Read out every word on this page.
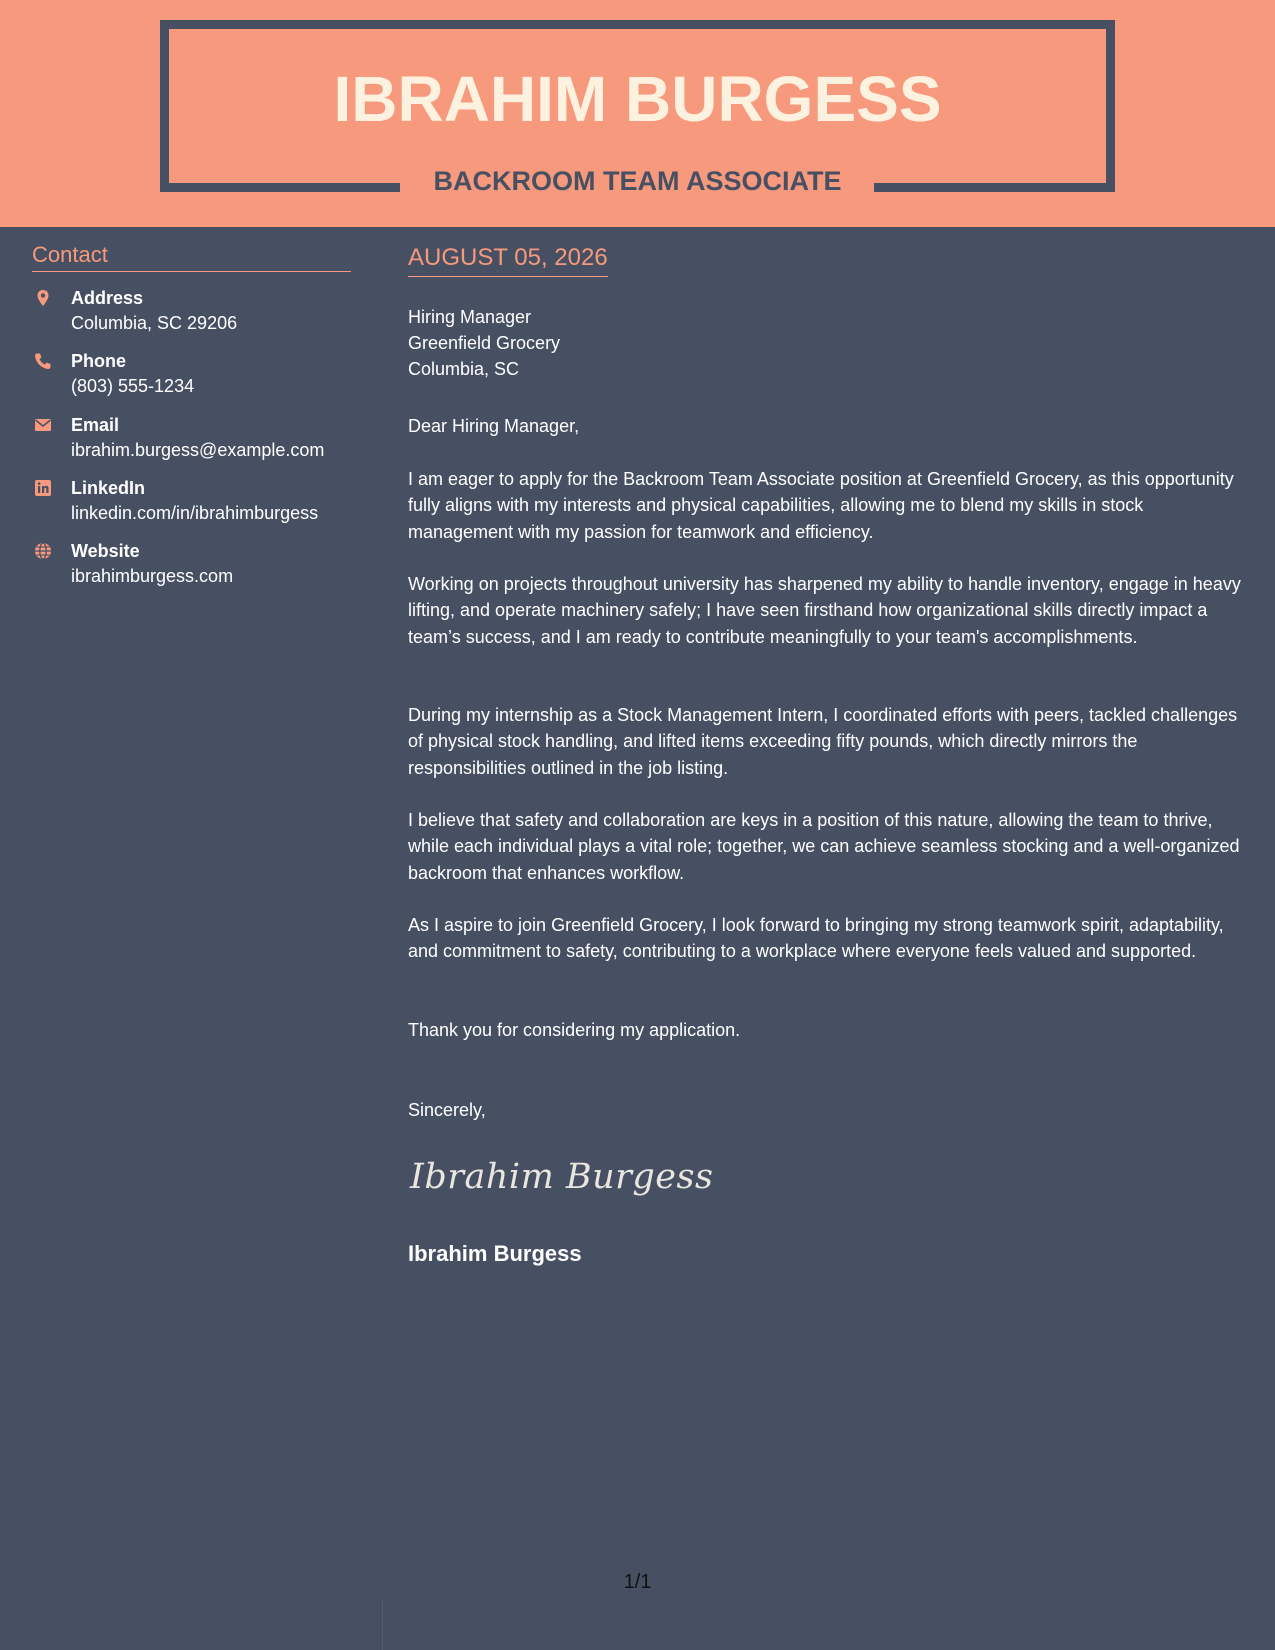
IBRAHIM BURGESS
BACKROOM TEAM ASSOCIATE
Contact
Address
Columbia, SC 29206
Phone
(803) 555-1234
Email
ibrahim.burgess@example.com
LinkedIn
linkedin.com/in/ibrahimburgess
Website
ibrahimburgess.com
AUGUST 05, 2026
Hiring Manager
Greenfield Grocery
Columbia, SC
Dear Hiring Manager,
I am eager to apply for the Backroom Team Associate position at Greenfield Grocery, as this opportunity fully aligns with my interests and physical capabilities, allowing me to blend my skills in stock management with my passion for teamwork and efficiency.
Working on projects throughout university has sharpened my ability to handle inventory, engage in heavy lifting, and operate machinery safely; I have seen firsthand how organizational skills directly impact a team’s success, and I am ready to contribute meaningfully to your team's accomplishments.
During my internship as a Stock Management Intern, I coordinated efforts with peers, tackled challenges of physical stock handling, and lifted items exceeding fifty pounds, which directly mirrors the responsibilities outlined in the job listing.
I believe that safety and collaboration are keys in a position of this nature, allowing the team to thrive, while each individual plays a vital role; together, we can achieve seamless stocking and a well-organized backroom that enhances workflow.
As I aspire to join Greenfield Grocery, I look forward to bringing my strong teamwork spirit, adaptability, and commitment to safety, contributing to a workplace where everyone feels valued and supported.
Thank you for considering my application.
Sincerely,
Ibrahim Burgess
Ibrahim Burgess
1/1
